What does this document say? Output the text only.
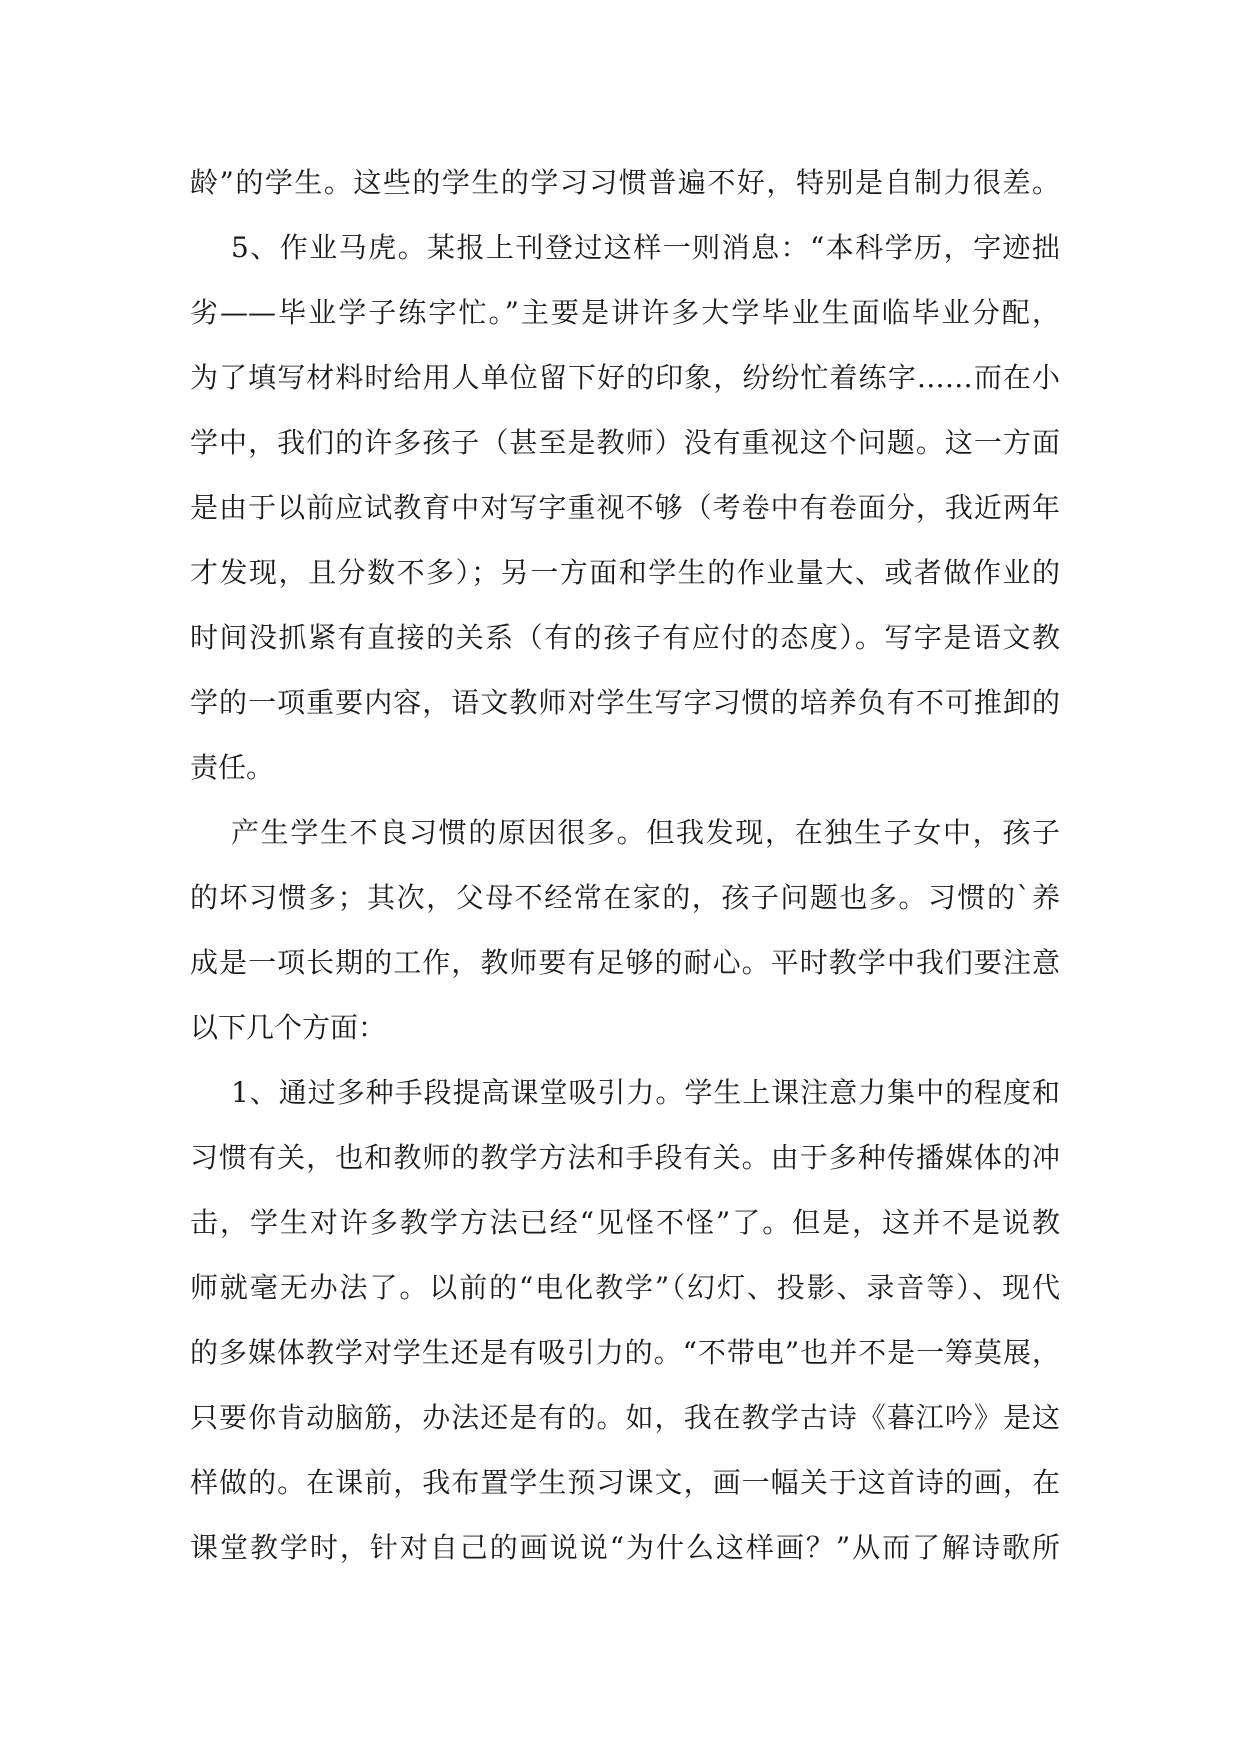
龄”的学生。这些的学生的学习习惯普遍不好，特别是自制力很差。
5、作业马虎。某报上刊登过这样一则消息：“本科学历，字迹拙
劣——毕业学子练字忙。”主要是讲许多大学毕业生面临毕业分配，
为了填写材料时给用人单位留下好的印象，纷纷忙着练字……而在小
学中，我们的许多孩子（甚至是教师）没有重视这个问题。这一方面
是由于以前应试教育中对写字重视不够（考卷中有卷面分，我近两年
才发现，且分数不多）；另一方面和学生的作业量大、或者做作业的
时间没抓紧有直接的关系（有的孩子有应付的态度）。写字是语文教
学的一项重要内容，语文教师对学生写字习惯的培养负有不可推卸的
责任。
产生学生不良习惯的原因很多。但我发现，在独生子女中，孩子
的坏习惯多；其次，父母不经常在家的，孩子问题也多。习惯的`养
成是一项长期的工作，教师要有足够的耐心。平时教学中我们要注意
以下几个方面：
1、通过多种手段提高课堂吸引力。学生上课注意力集中的程度和
习惯有关，也和教师的教学方法和手段有关。由于多种传播媒体的冲
击，学生对许多教学方法已经“见怪不怪”了。但是，这并不是说教
师就毫无办法了。以前的“电化教学”（幻灯、投影、录音等）、现代
的多媒体教学对学生还是有吸引力的。“不带电”也并不是一筹莫展，
只要你肯动脑筋，办法还是有的。如，我在教学古诗《暮江吟》是这
样做的。在课前，我布置学生预习课文，画一幅关于这首诗的画，在
课堂教学时，针对自己的画说说“为什么这样画？”从而了解诗歌所
